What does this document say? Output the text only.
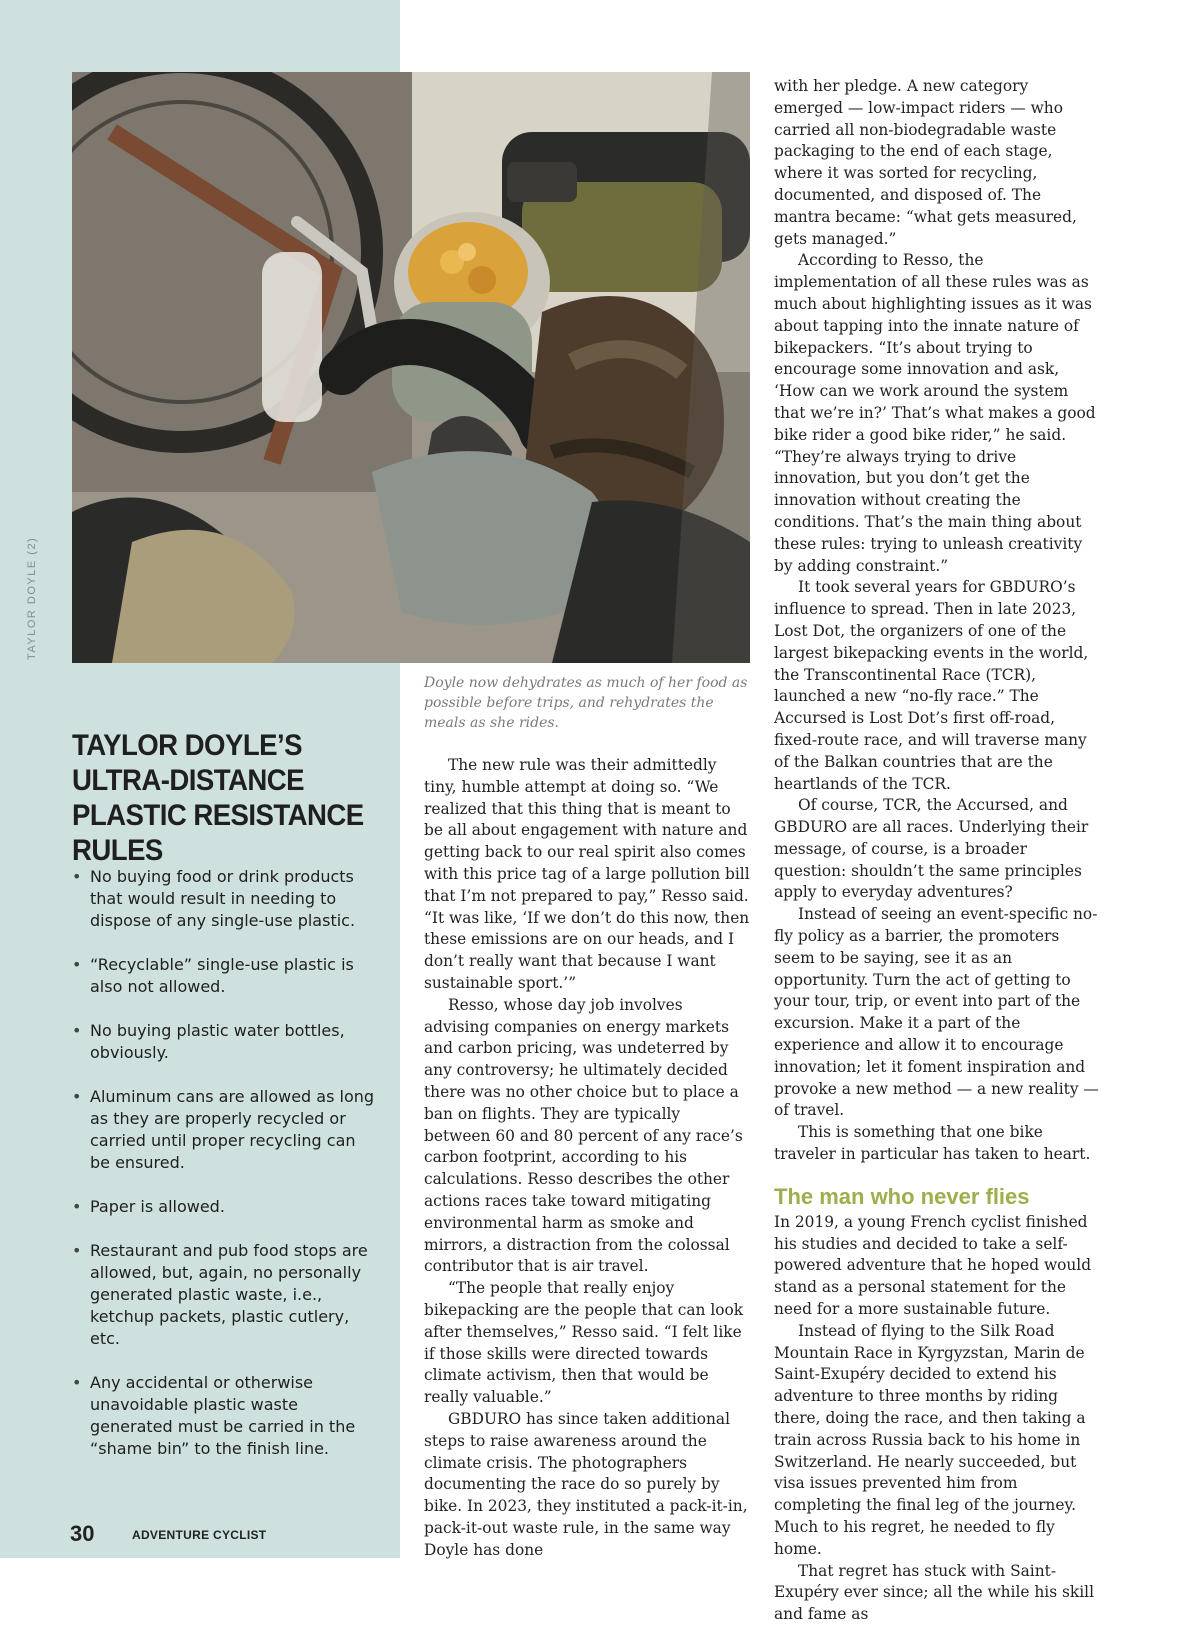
TAYLOR DOYLE (2)
Doyle now dehydrates as much of her food as possible before trips, and rehydrates the meals as she rides.
TAYLOR DOYLE’S ULTRA-DISTANCE PLASTIC RESISTANCE RULES
• No buying food or drink products that would result in needing to dispose of any single-use plastic.
• “Recyclable” single-use plastic is also not allowed.
• No buying plastic water bottles, obviously.
• Aluminum cans are allowed as long as they are properly recycled or carried until proper recycling can be ensured.
• Paper is allowed.
• Restaurant and pub food stops are allowed, but, again, no personally generated plastic waste, i.e., ketchup packets, plastic cutlery, etc.
• Any accidental or otherwise unavoidable plastic waste generated must be carried in the “shame bin” to the finish line.

The new rule was their admittedly tiny, humble attempt at doing so. “We realized that this thing that is meant to be all about engagement with nature and getting back to our real spirit also comes with this price tag of a large pollution bill that I’m not prepared to pay,” Resso said. “It was like, ‘If we don’t do this now, then these emissions are on our heads, and I don’t really want that because I want sustainable sport.’”

Resso, whose day job involves advising companies on energy markets and carbon pricing, was undeterred by any controversy; he ultimately decided there was no other choice but to place a ban on flights. They are typically between 60 and 80 percent of any race’s carbon footprint, according to his calculations. Resso describes the other actions races take toward mitigating environmental harm as smoke and mirrors, a distraction from the colossal contributor that is air travel.

“The people that really enjoy bikepacking are the people that can look after themselves,” Resso said. “I felt like if those skills were directed towards climate activism, then that would be really valuable.”

GBDURO has since taken additional steps to raise awareness around the climate crisis. The photographers documenting the race do so purely by bike. In 2023, they instituted a pack-it-in, pack-it-out waste rule, in the same way Doyle has done

with her pledge. A new category emerged — low-impact riders — who carried all non-biodegradable waste packaging to the end of each stage, where it was sorted for recycling, documented, and disposed of. The mantra became: “what gets measured, gets managed.”

According to Resso, the implementation of all these rules was as much about highlighting issues as it was about tapping into the innate nature of bikepackers. “It’s about trying to encourage some innovation and ask, ‘How can we work around the system that we’re in?’ That’s what makes a good bike rider a good bike rider,” he said. “They’re always trying to drive innovation, but you don’t get the innovation without creating the conditions. That’s the main thing about these rules: trying to unleash creativity by adding constraint.”

It took several years for GBDURO’s influence to spread. Then in late 2023, Lost Dot, the organizers of one of the largest bikepacking events in the world, the Transcontinental Race (TCR), launched a new “no-fly race.” The Accursed is Lost Dot’s first off-road, fixed-route race, and will traverse many of the Balkan countries that are the heartlands of the TCR.

Of course, TCR, the Accursed, and GBDURO are all races. Underlying their message, of course, is a broader question: shouldn’t the same principles apply to everyday adventures?

Instead of seeing an event-specific no-fly policy as a barrier, the promoters seem to be saying, see it as an opportunity. Turn the act of getting to your tour, trip, or event into part of the excursion. Make it a part of the experience and allow it to encourage innovation; let it foment inspiration and provoke a new method — a new reality — of travel.

This is something that one bike traveler in particular has taken to heart.

The man who never flies

In 2019, a young French cyclist finished his studies and decided to take a self-powered adventure that he hoped would stand as a personal statement for the need for a more sustainable future.

Instead of flying to the Silk Road Mountain Race in Kyrgyzstan, Marin de Saint-Exupéry decided to extend his adventure to three months by riding there, doing the race, and then taking a train across Russia back to his home in Switzerland. He nearly succeeded, but visa issues prevented him from completing the final leg of the journey. Much to his regret, he needed to fly home.

That regret has stuck with Saint-Exupéry ever since; all the while his skill and fame as

30	ADVENTURE CYCLIST
